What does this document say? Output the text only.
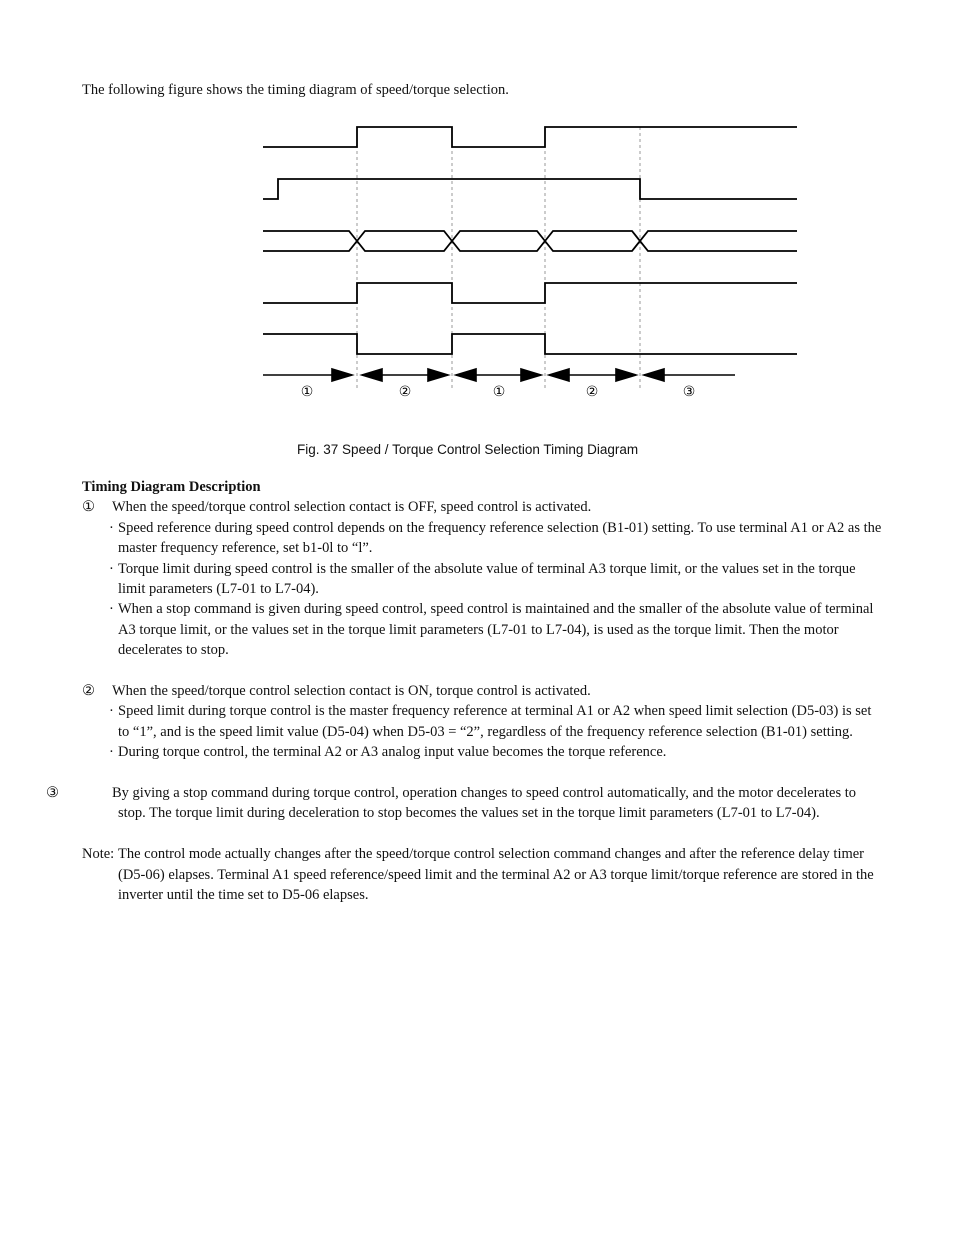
The following figure shows the timing diagram of speed/torque selection.

①	②	①	②	③

Fig. 37 Speed / Torque Control Selection Timing Diagram

Timing Diagram Description
①	When the speed/torque control selection contact is OFF, speed control is activated.
· Speed reference during speed control depends on the frequency reference selection (B1-01) setting. To use terminal A1 or A2 as the master frequency reference, set b1-0l to “l”.
· Torque limit during speed control is the smaller of the absolute value of terminal A3 torque limit, or the values set in the torque limit parameters (L7-01 to L7-04).
· When a stop command is given during speed control, speed control is maintained and the smaller of the absolute value of terminal A3 torque limit, or the values set in the torque limit parameters (L7-01 to L7-04), is used as the torque limit. Then the motor decelerates to stop.
②	When the speed/torque control selection contact is ON, torque control is activated.
· Speed limit during torque control is the master frequency reference at terminal A1 or A2 when speed limit selection (D5-03) is set to “1”, and is the speed limit value (D5-04) when D5-03 = “2”, regardless of the frequency reference selection (B1-01) setting.
· During torque control, the terminal A2 or A3 analog input value becomes the torque reference.
③	By giving a stop command during torque control, operation changes to speed control automatically, and the motor decelerates to stop. The torque limit during deceleration to stop becomes the values set in the torque limit parameters (L7-01 to L7-04).
Note: The control mode actually changes after the speed/torque control selection command changes and after the reference delay timer (D5-06) elapses. Terminal A1 speed reference/speed limit and the terminal A2 or A3 torque limit/torque reference are stored in the inverter until the time set to D5-06 elapses.
